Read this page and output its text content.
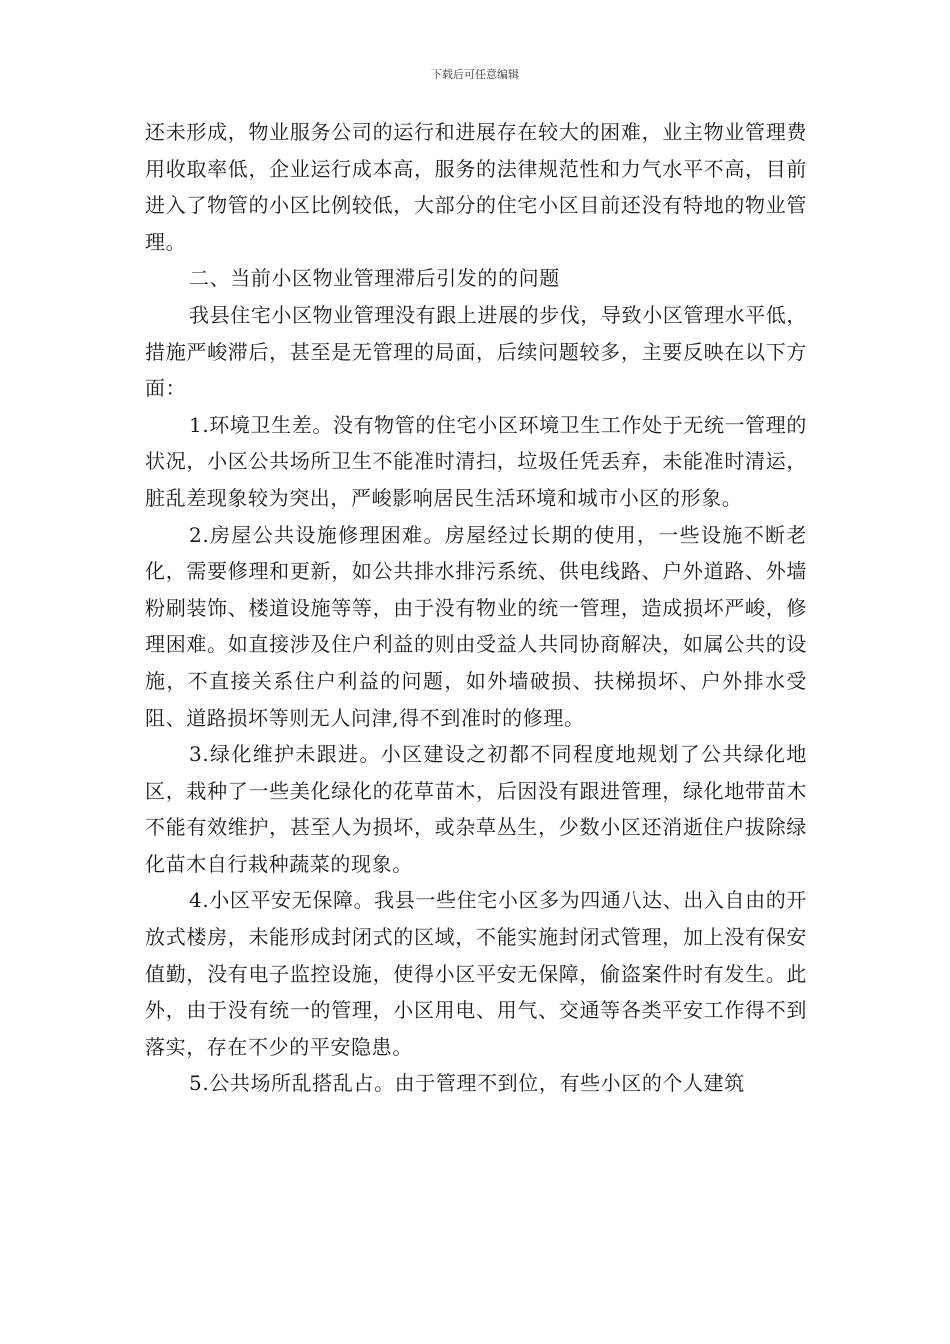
下载后可任意编辑

还未形成，物业服务公司的运行和进展存在较大的困难，业主物业管理费用收取率低，企业运行成本高，服务的法律规范性和力气水平不高，目前进入了物管的小区比例较低，大部分的住宅小区目前还没有特地的物业管理。

二、当前小区物业管理滞后引发的的问题

我县住宅小区物业管理没有跟上进展的步伐，导致小区管理水平低，措施严峻滞后，甚至是无管理的局面，后续问题较多，主要反映在以下方面：

1.环境卫生差。没有物管的住宅小区环境卫生工作处于无统一管理的状况，小区公共场所卫生不能准时清扫，垃圾任凭丢弃，未能准时清运，脏乱差现象较为突出，严峻影响居民生活环境和城市小区的形象。

2.房屋公共设施修理困难。房屋经过长期的使用，一些设施不断老化，需要修理和更新，如公共排水排污系统、供电线路、户外道路、外墙粉刷装饰、楼道设施等等，由于没有物业的统一管理，造成损坏严峻，修理困难。如直接涉及住户利益的则由受益人共同协商解决，如属公共的设施，不直接关系住户利益的问题，如外墙破损、扶梯损坏、户外排水受阻、道路损坏等则无人问津,得不到准时的修理。

3.绿化维护未跟进。小区建设之初都不同程度地规划了公共绿化地区，栽种了一些美化绿化的花草苗木，后因没有跟进管理，绿化地带苗木不能有效维护，甚至人为损坏，或杂草丛生，少数小区还消逝住户拔除绿化苗木自行栽种蔬菜的现象。

4.小区平安无保障。我县一些住宅小区多为四通八达、出入自由的开放式楼房，未能形成封闭式的区域，不能实施封闭式管理，加上没有保安值勤，没有电子监控设施，使得小区平安无保障，偷盗案件时有发生。此外，由于没有统一的管理，小区用电、用气、交通等各类平安工作得不到落实，存在不少的平安隐患。

5.公共场所乱搭乱占。由于管理不到位，有些小区的个人建筑
